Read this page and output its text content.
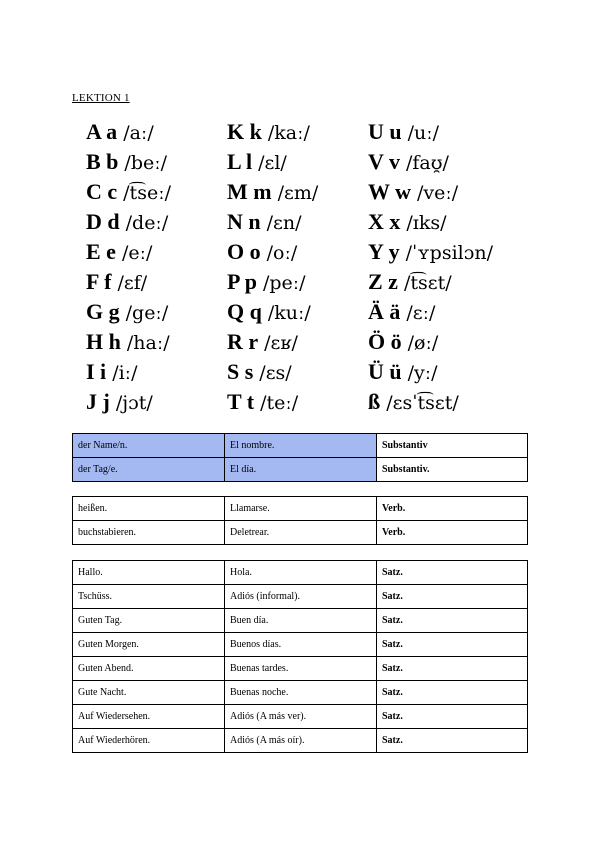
LEKTION 1
A a /aː/	K k /kaː/	U u /uː/
B b /beː/	L l /ɛl/	V v /faʊ̯/
C c /t͡seː/	M m /ɛm/	W w /veː/
D d /deː/	N n /ɛn/	X x /ɪks/
E e /eː/	O o /oː/	Y y /ˈʏpsilɔn/
F f /ɛf/	P p /peː/	Z z /t͡sɛt/
G g /geː/	Q q /kuː/	Ä ä /ɛː/
H h /haː/	R r /ɛʁ/	Ö ö /øː/
I i /iː/	S s /ɛs/	Ü ü /yː/
J j /jɔt/	T t /teː/	ß /ɛsˈt͡sɛt/
der Name/n.	El nombre.	Substantiv
der Tag/e.	El día.	Substantiv.
heißen.	Llamarse.	Verb.
buchstabieren.	Deletrear.	Verb.
Hallo.	Hola.	Satz.
Tschüss.	Adiós (informal).	Satz.
Guten Tag.	Buen día.	Satz.
Guten Morgen.	Buenos días.	Satz.
Guten Abend.	Buenas tardes.	Satz.
Gute Nacht.	Buenas noche.	Satz.
Auf Wiedersehen.	Adiós (A más ver).	Satz.
Auf Wiederhören.	Adiós (A más oír).	Satz.
